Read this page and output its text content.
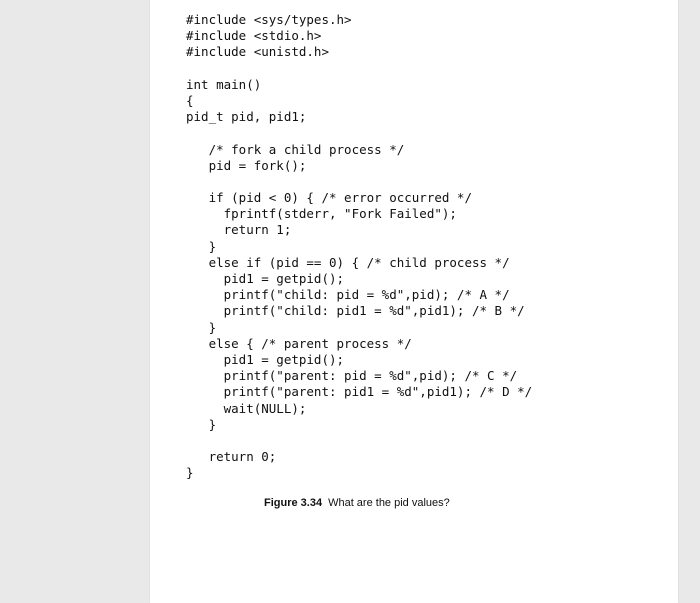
#include <sys/types.h>
#include <stdio.h>
#include <unistd.h>
int main()
{
pid_t pid, pid1;
/* fork a child process */
pid = fork();
if (pid < 0) { /* error occurred */
fprintf(stderr, "Fork Failed");
return 1;
}
else if (pid == 0) { /* child process */
pid1 = getpid();
printf("child: pid = %d",pid); /* A */
printf("child: pid1 = %d",pid1); /* B */
}
else { /* parent process */
pid1 = getpid();
printf("parent: pid = %d",pid); /* C */
printf("parent: pid1 = %d",pid1); /* D */
wait(NULL);
}
return 0;
}
Figure 3.34 What are the pid values?
